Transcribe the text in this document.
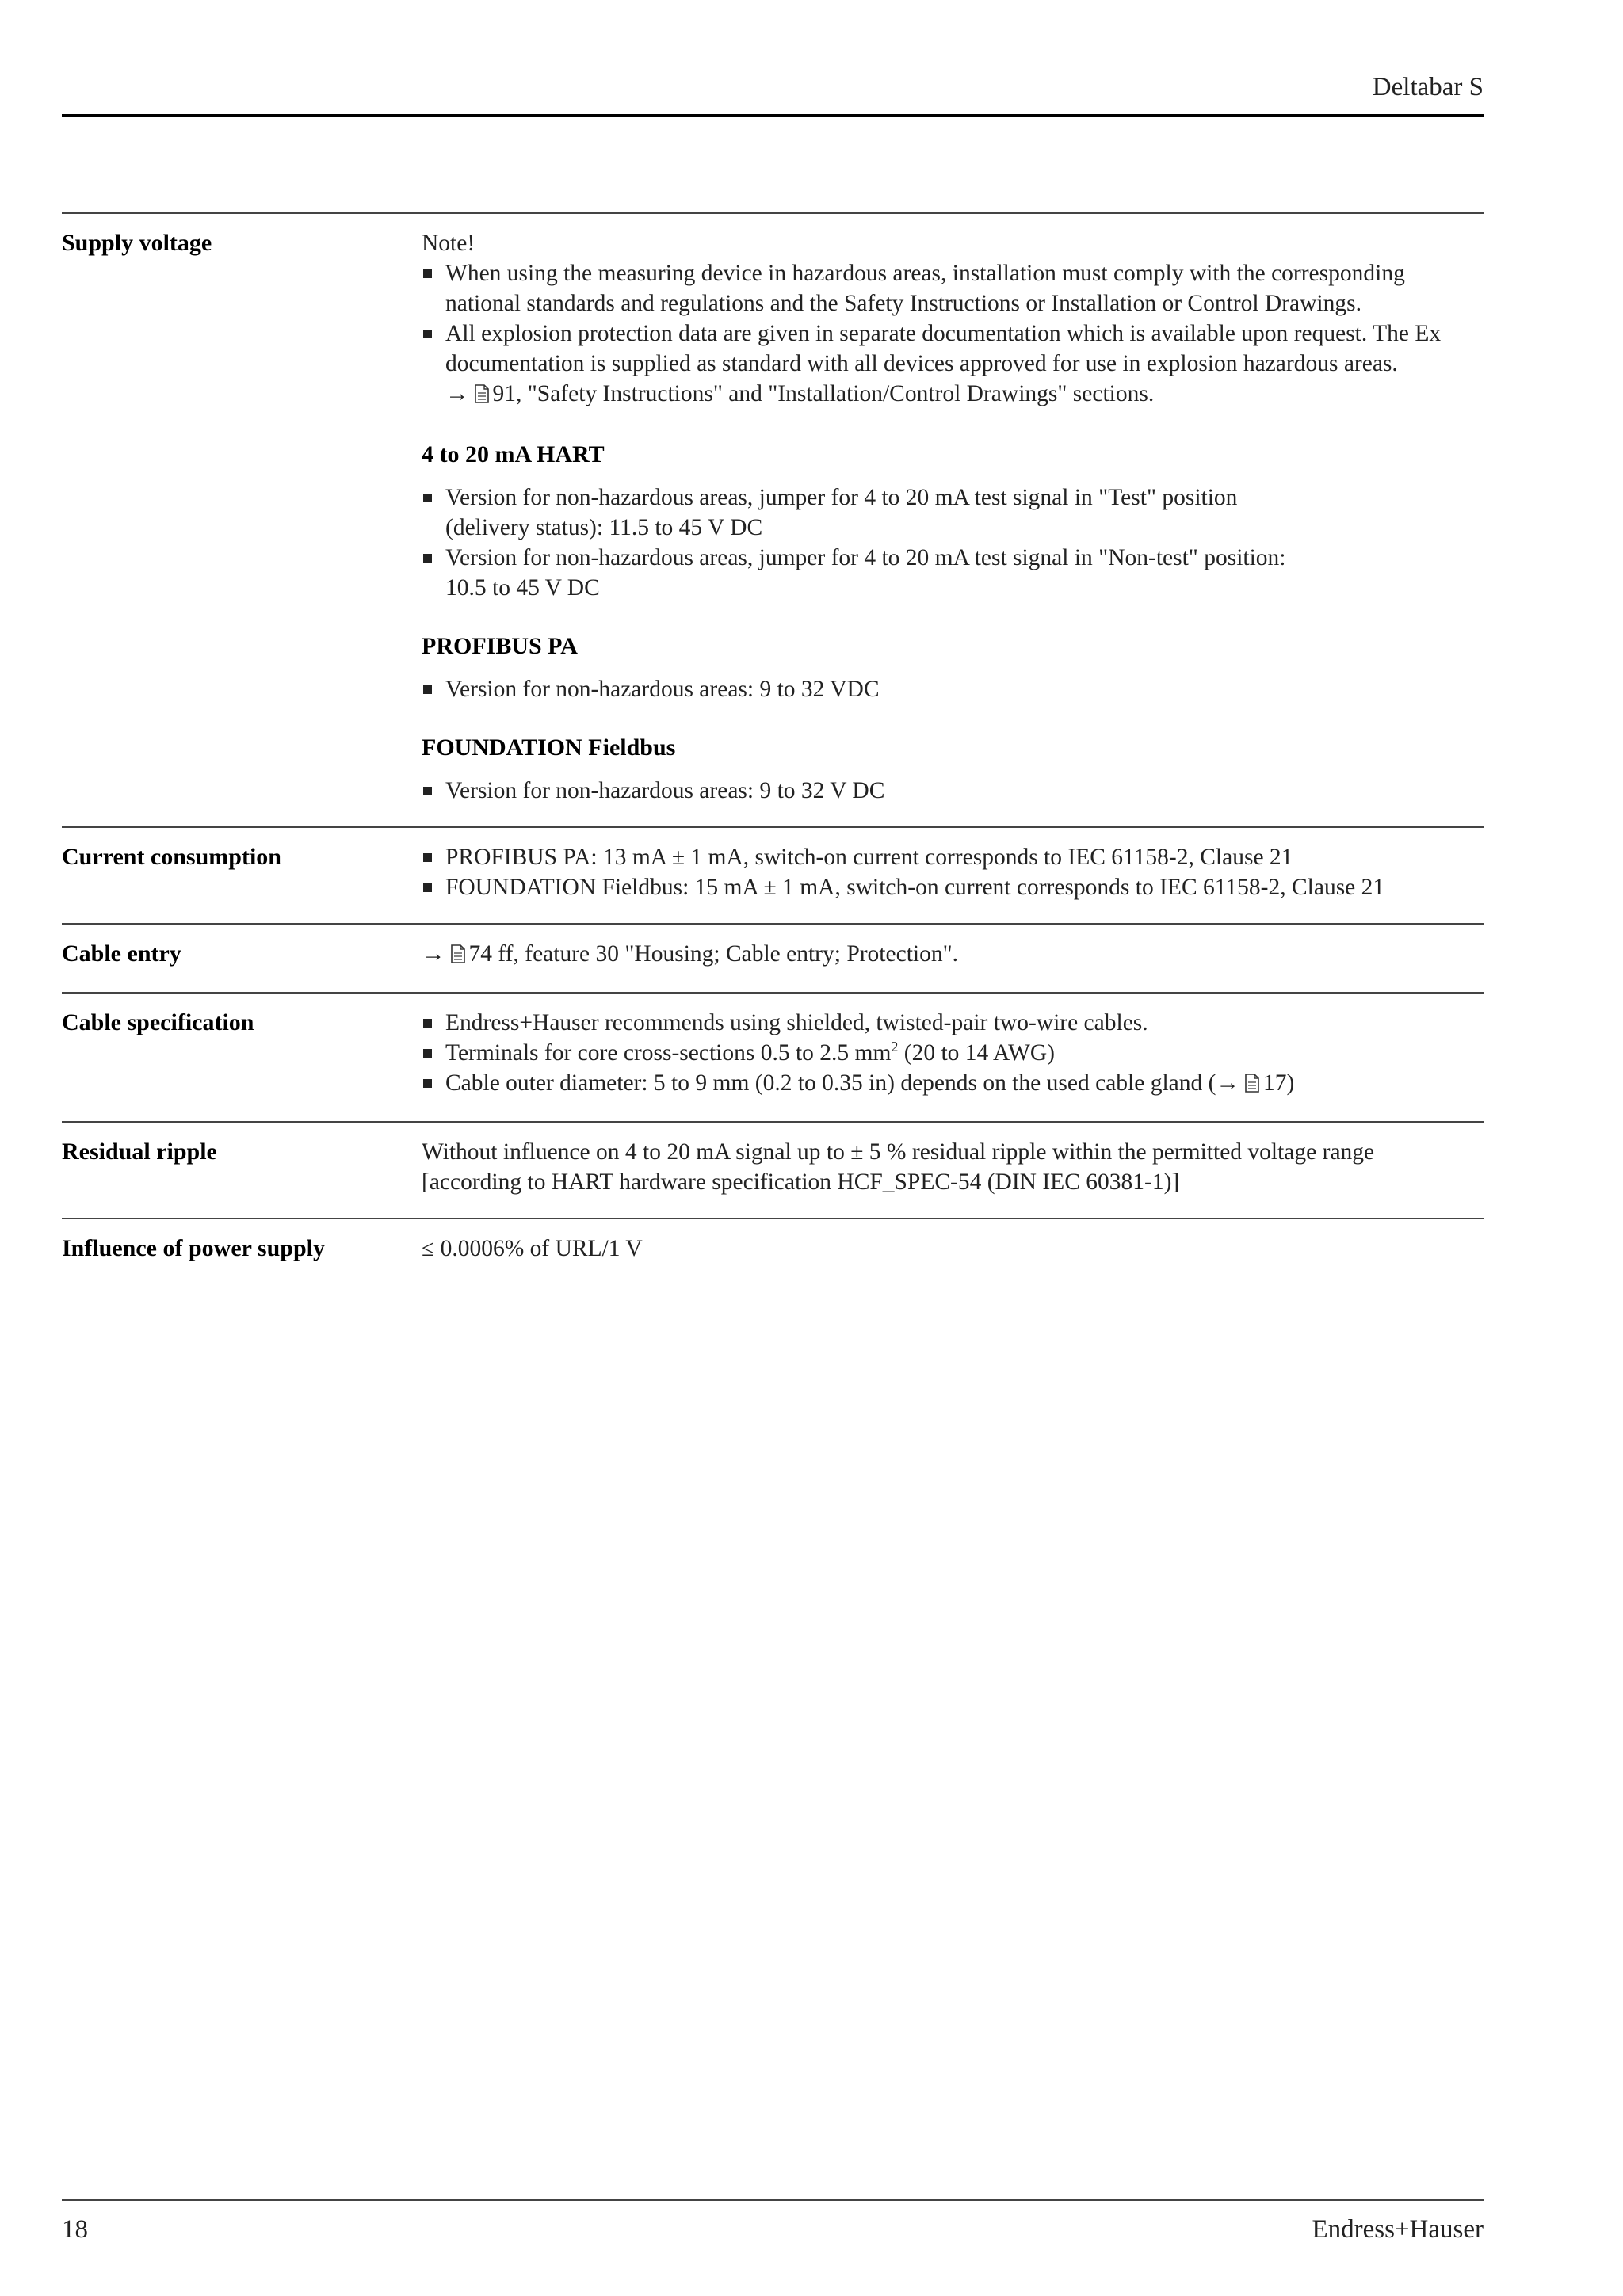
Deltabar S
Supply voltage	Note!
When using the measuring device in hazardous areas, installation must comply with the corresponding national standards and regulations and the Safety Instructions or Installation or Control Drawings.
All explosion protection data are given in separate documentation which is available upon request. The Ex documentation is supplied as standard with all devices approved for use in explosion hazardous areas.
→ 91, "Safety Instructions" and "Installation/Control Drawings" sections.
4 to 20 mA HART
Version for non-hazardous areas, jumper for 4 to 20 mA test signal in "Test" position
(delivery status): 11.5 to 45 V DC
Version for non-hazardous areas, jumper for 4 to 20 mA test signal in "Non-test" position:
10.5 to 45 V DC
PROFIBUS PA
Version for non-hazardous areas: 9 to 32 VDC
FOUNDATION Fieldbus
Version for non-hazardous areas: 9 to 32 V DC
Current consumption	PROFIBUS PA: 13 mA ± 1 mA, switch-on current corresponds to IEC 61158-2, Clause 21
FOUNDATION Fieldbus: 15 mA ± 1 mA, switch-on current corresponds to IEC 61158-2, Clause 21
Cable entry	→ 74 ff, feature 30 "Housing; Cable entry; Protection".
Cable specification	Endress+Hauser recommends using shielded, twisted-pair two-wire cables.
Terminals for core cross-sections 0.5 to 2.5 $mm^2$ (20 to 14 AWG)
Cable outer diameter: 5 to 9 mm (0.2 to 0.35 in) depends on the used cable gland (→ 17)
Residual ripple	Without influence on 4 to 20 mA signal up to ± 5 % residual ripple within the permitted voltage range
[according to HART hardware specification HCF_SPEC-54 (DIN IEC 60381-1)]
Influence of power supply	≤ 0.0006% of URL/1 V
18	Endress+Hauser
